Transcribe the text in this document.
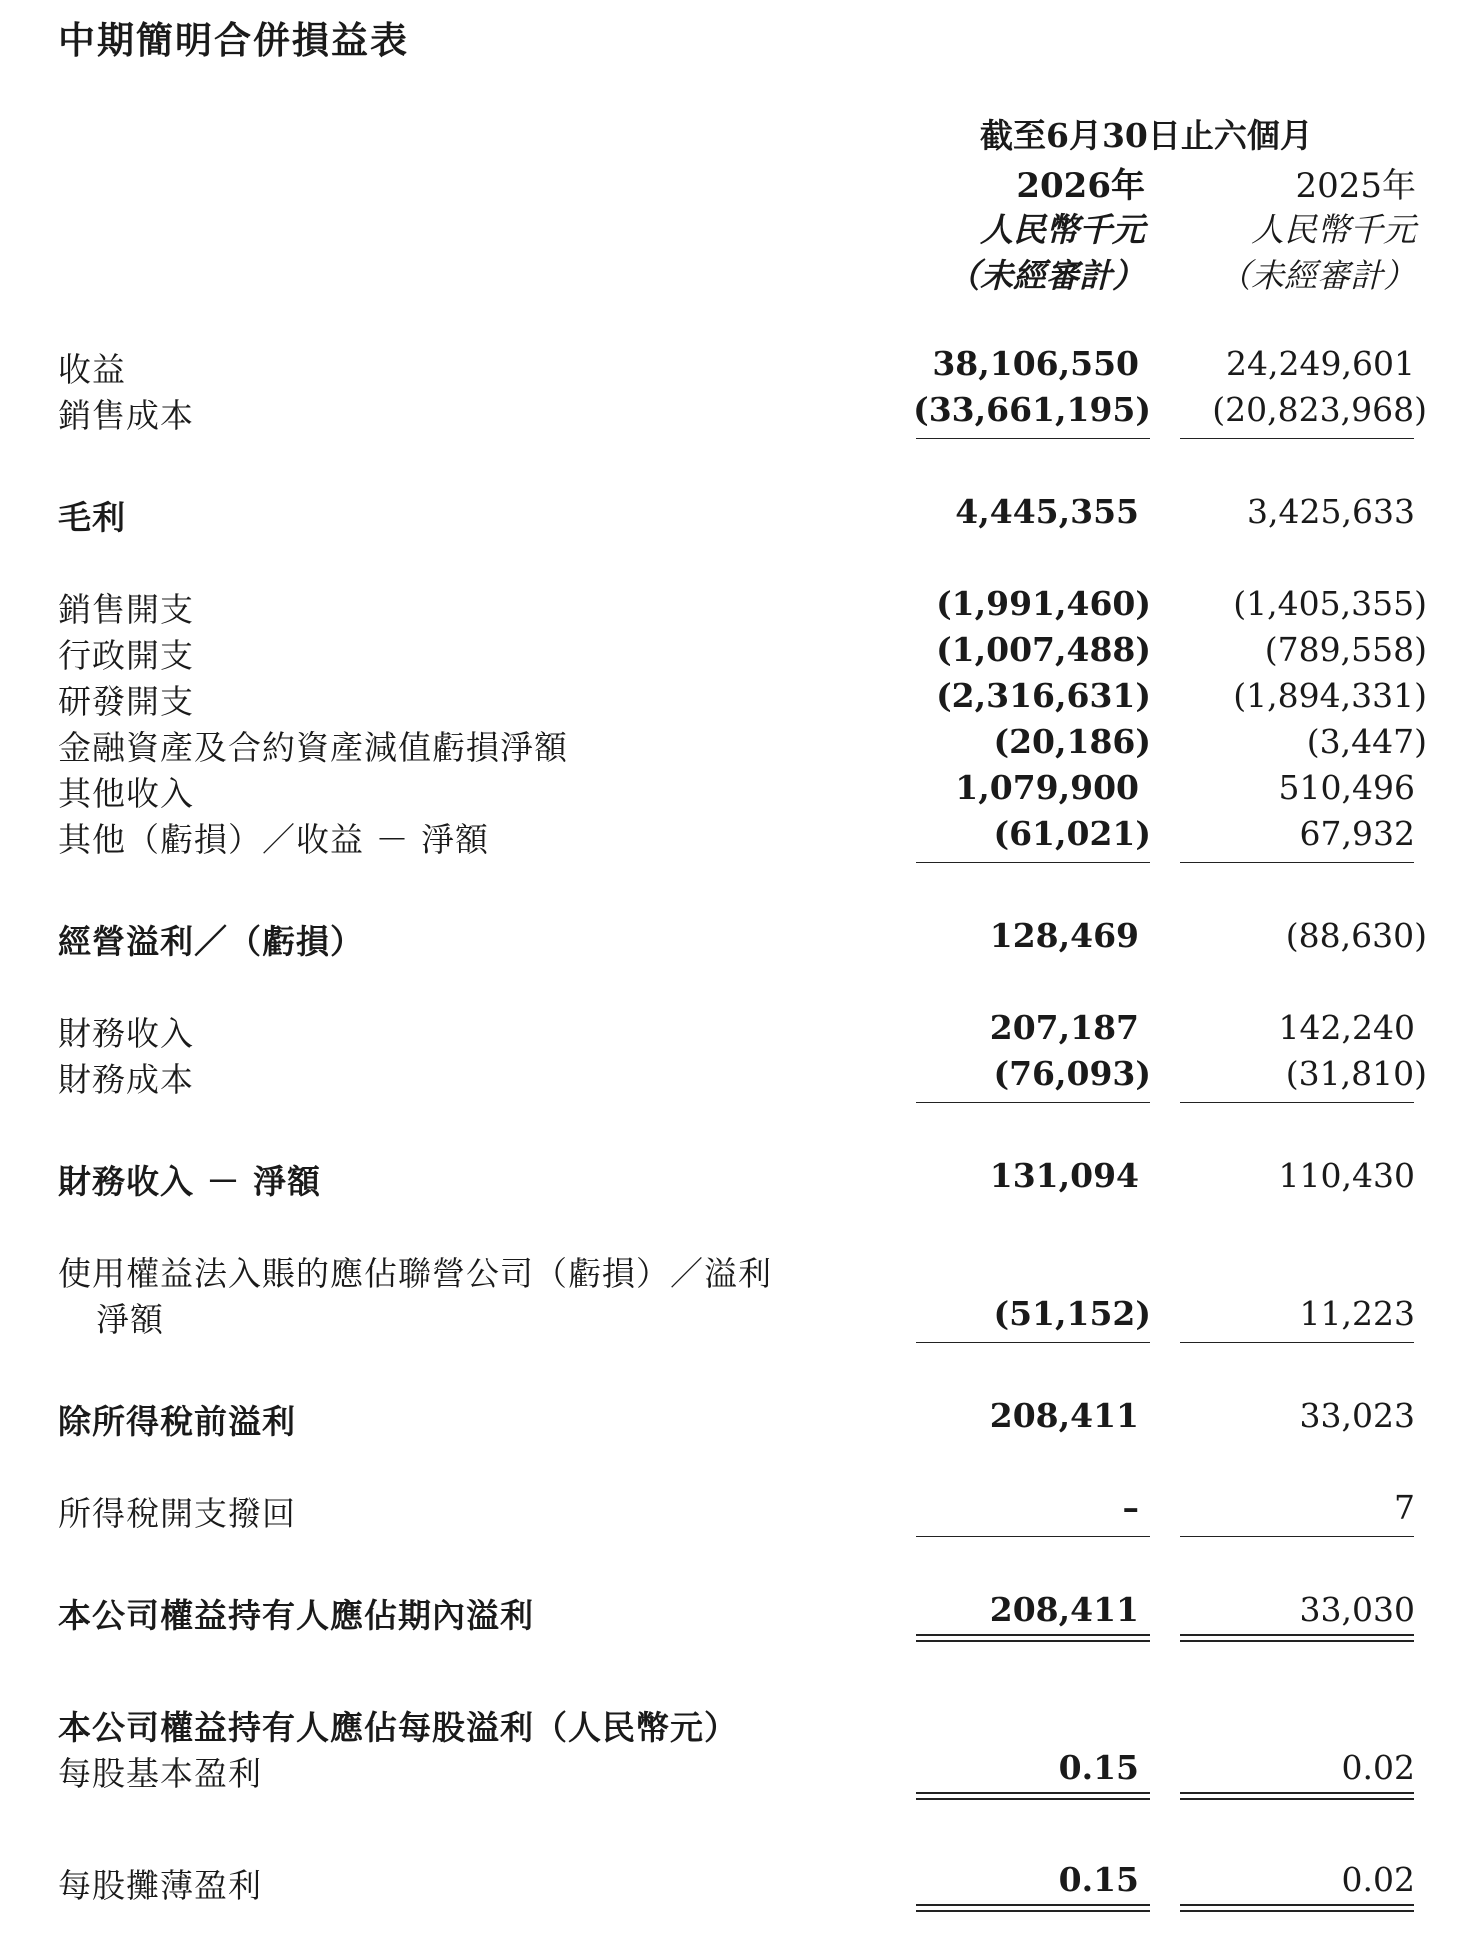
中期簡明合併損益表
截至6月30日止六個月
2026年	2025年
人民幣千元	人民幣千元
（未經審計） （未經審計）
收益	38,106,550	24,249,601
銷售成本	(33,661,195) (20,823,968)
毛利	4,445,355	3,425,633
銷售開支	(1,991,460) (1,405,355)
行政開支	(1,007,488)	(789,558)
研發開支	(2,316,631) (1,894,331)
金融資產及合約資產減值虧損淨額	(20,186)	(3,447)
其他收入	1,079,900	510,496
其他（虧損）／收益 － 淨額	(61,021)	67,932
經營溢利／（虧損）	128,469	(88,630)
財務收入	207,187	142,240
財務成本	(76,093)	(31,810)
財務收入 － 淨額	131,094	110,430
使用權益法入賬的應佔聯營公司（虧損）／溢利
淨額	(51,152)	11,223
除所得稅前溢利	208,411	33,023
所得稅開支撥回	–	7
本公司權益持有人應佔期內溢利	208,411	33,030
本公司權益持有人應佔每股溢利（人民幣元）
每股基本盈利	0.15	0.02
每股攤薄盈利	0.15	0.02
